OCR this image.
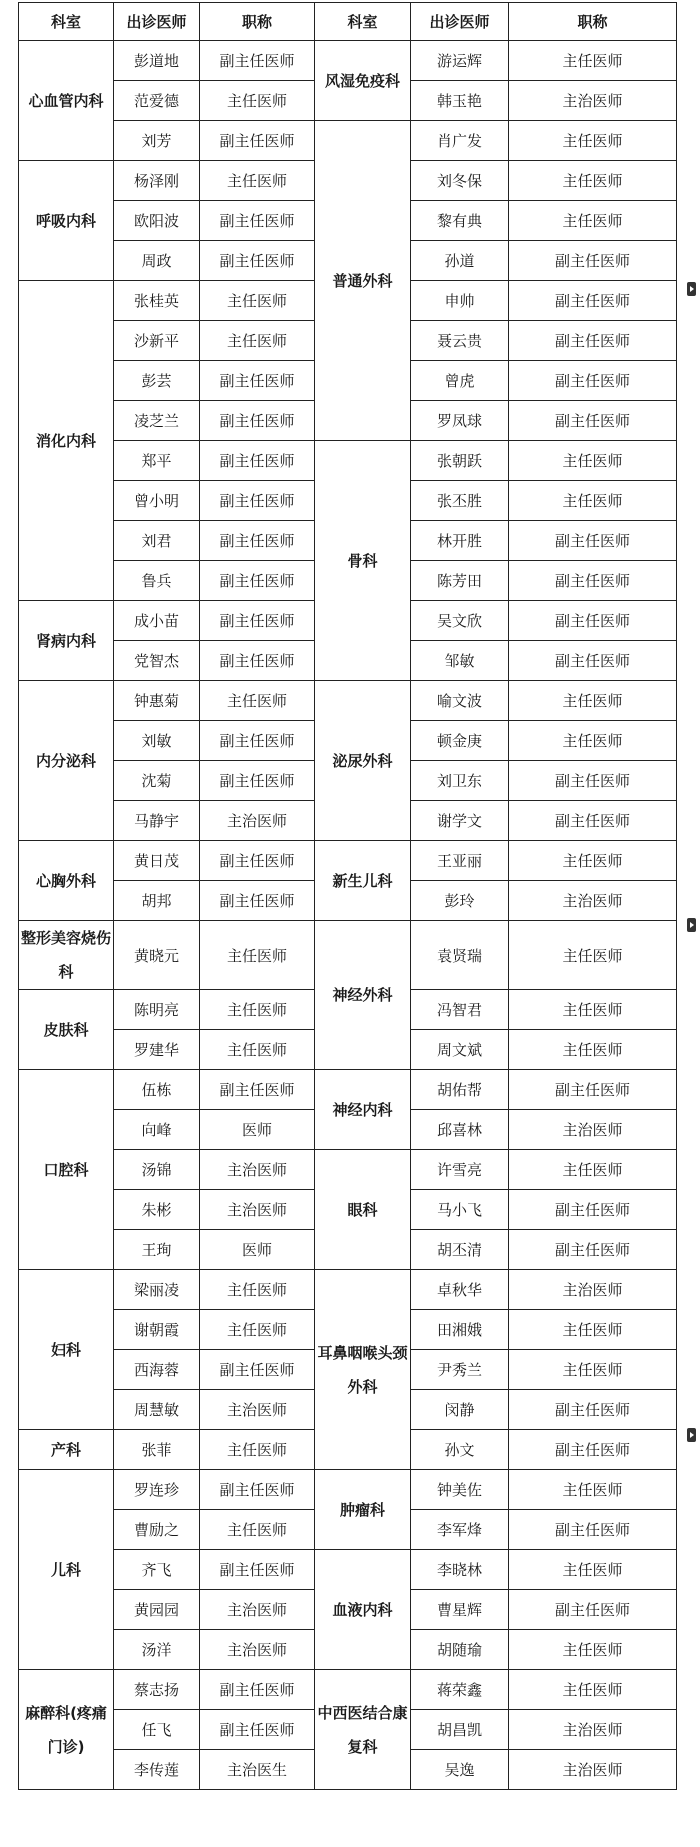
科室	出诊医师	职称	科室	出诊医师	职称
心血管内科	彭道地	副主任医师	风湿免疫科	游运辉	主任医师
	范爱德	主任医师		韩玉艳	主治医师
	刘芳	副主任医师	普通外科	肖广发	主任医师
呼吸内科	杨泽刚	主任医师		刘冬保	主任医师
	欧阳波	副主任医师		黎有典	主任医师
	周政	副主任医师		孙道	副主任医师
消化内科	张桂英	主任医师		申帅	副主任医师
	沙新平	主任医师		聂云贵	副主任医师
	彭芸	副主任医师		曾虎	副主任医师
	凌芝兰	副主任医师		罗凤球	副主任医师
	郑平	副主任医师	骨科	张朝跃	主任医师
	曾小明	副主任医师		张丕胜	主任医师
	刘君	副主任医师		林开胜	副主任医师
	鲁兵	副主任医师		陈芳田	副主任医师
肾病内科	成小苗	副主任医师		吴文欣	副主任医师
	党智杰	副主任医师		邹敏	副主任医师
内分泌科	钟惠菊	主任医师	泌尿外科	喻文波	主任医师
	刘敏	副主任医师		顿金庚	主任医师
	沈菊	副主任医师		刘卫东	副主任医师
	马静宇	主治医师		谢学文	副主任医师
心胸外科	黄日茂	副主任医师	新生儿科	王亚丽	主任医师
	胡邦	副主任医师		彭玲	主治医师
整形美容烧伤科	黄晓元	主任医师	神经外科	袁贤瑞	主任医师
皮肤科	陈明亮	主任医师		冯智君	主任医师
	罗建华	主任医师		周文斌	主任医师
口腔科	伍栋	副主任医师	神经内科	胡佑帮	副主任医师
	向峰	医师		邱喜林	主治医师
	汤锦	主治医师	眼科	许雪亮	主任医师
	朱彬	主治医师		马小飞	副主任医师
	王珣	医师		胡丕清	副主任医师
妇科	梁丽凌	主任医师	耳鼻咽喉头颈外科	卓秋华	主治医师
	谢朝霞	主任医师		田湘娥	主任医师
	西海蓉	副主任医师		尹秀兰	主任医师
	周慧敏	主治医师		闵静	副主任医师
产科	张菲	主任医师		孙文	副主任医师
儿科	罗连珍	副主任医师	肿瘤科	钟美佐	主任医师
	曹励之	主任医师		李军烽	副主任医师
	齐飞	副主任医师	血液内科	李晓林	主任医师
	黄园园	主治医师		曹星辉	副主任医师
	汤洋	主治医师		胡随瑜	主任医师
麻醉科(疼痛门诊)	蔡志扬	副主任医师	中西医结合康复科	蒋荣鑫	主任医师
	任飞	副主任医师		胡昌凯	主治医师
	李传莲	主治医生		吴逸	主治医师
